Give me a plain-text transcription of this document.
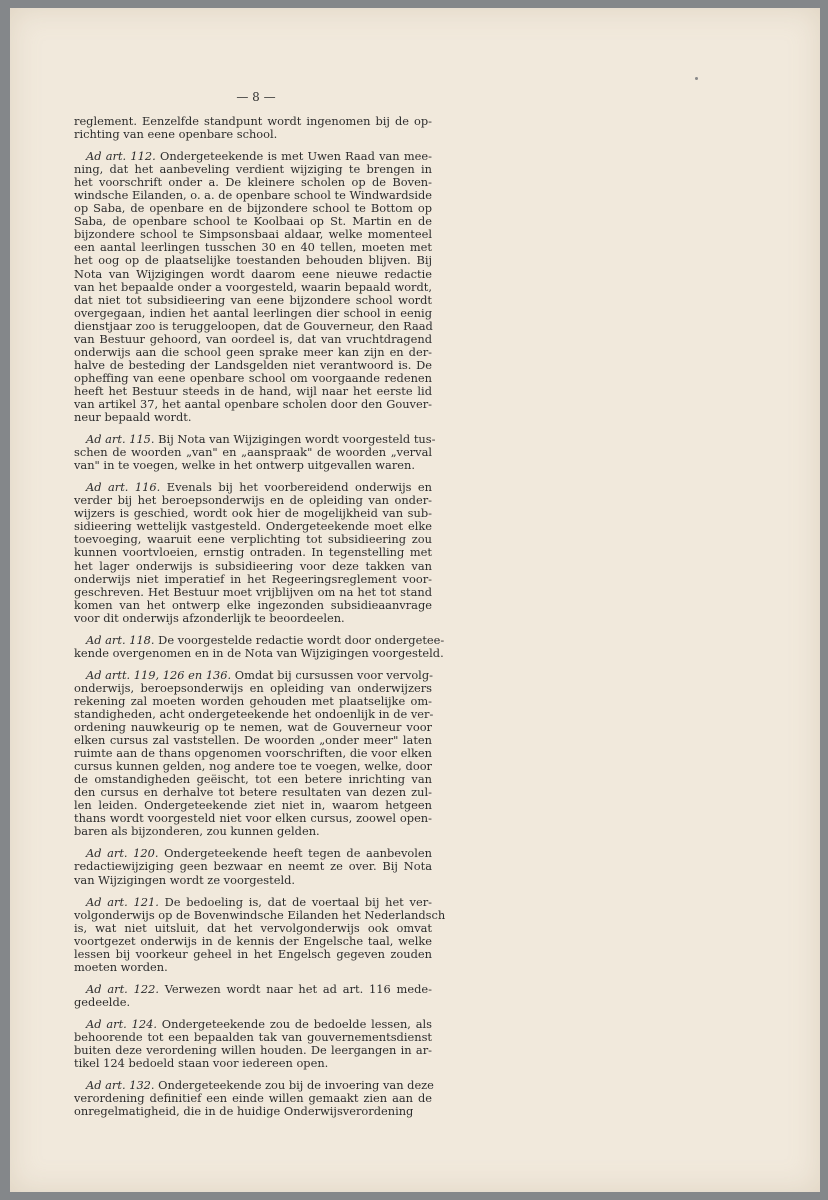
— 8 —
reglement. Eenzelfde standpunt wordt ingenomen bij de op-
richting van eene openbare school.
Ad art. 112. Ondergeteekende is met Uwen Raad van mee-
ning, dat het aanbeveling verdient wijziging te brengen in
het voorschrift onder a. De kleinere scholen op de Boven-
windsche Eilanden, o. a. de openbare school te Windwardside
op Saba, de openbare en de bijzondere school te Bottom op
Saba, de openbare school te Koolbaai op St. Martin en de
bijzondere school te Simpsonsbaai aldaar, welke momenteel
een aantal leerlingen tusschen 30 en 40 tellen, moeten met
het oog op de plaatselijke toestanden behouden blijven. Bij
Nota van Wijzigingen wordt daarom eene nieuwe redactie
van het bepaalde onder a voorgesteld, waarin bepaald wordt,
dat niet tot subsidieering van eene bijzondere school wordt
overgegaan, indien het aantal leerlingen dier school in eenig
dienstjaar zoo is teruggeloopen, dat de Gouverneur, den Raad
van Bestuur gehoord, van oordeel is, dat van vruchtdragend
onderwijs aan die school geen sprake meer kan zijn en der-
halve de besteding der Landsgelden niet verantwoord is. De
opheffing van eene openbare school om voorgaande redenen
heeft het Bestuur steeds in de hand, wijl naar het eerste lid
van artikel 37, het aantal openbare scholen door den Gouver-
neur bepaald wordt.
Ad art. 115. Bij Nota van Wijzigingen wordt voorgesteld tus-
schen de woorden „van" en „aanspraak" de woorden „verval
van" in te voegen, welke in het ontwerp uitgevallen waren.
Ad art. 116. Evenals bij het voorbereidend onderwijs en
verder bij het beroepsonderwijs en de opleiding van onder-
wijzers is geschied, wordt ook hier de mogelijkheid van sub-
sidieering wettelijk vastgesteld. Ondergeteekende moet elke
toevoeging, waaruit eene verplichting tot subsidieering zou
kunnen voortvloeien, ernstig ontraden. In tegenstelling met
het lager onderwijs is subsidieering voor deze takken van
onderwijs niet imperatief in het Regeeringsreglement voor-
geschreven. Het Bestuur moet vrijblijven om na het tot stand
komen van het ontwerp elke ingezonden subsidieaanvrage
voor dit onderwijs afzonderlijk te beoordeelen.
Ad art. 118. De voorgestelde redactie wordt door ondergetee-
kende overgenomen en in de Nota van Wijzigingen voorgesteld.
Ad artt. 119, 126 en 136. Omdat bij cursussen voor vervolg-
onderwijs, beroepsonderwijs en opleiding van onderwijzers
rekening zal moeten worden gehouden met plaatselijke om-
standigheden, acht ondergeteekende het ondoenlijk in de ver-
ordening nauwkeurig op te nemen, wat de Gouverneur voor
elken cursus zal vaststellen. De woorden „onder meer" laten
ruimte aan de thans opgenomen voorschriften, die voor elken
cursus kunnen gelden, nog andere toe te voegen, welke, door
de omstandigheden geëischt, tot een betere inrichting van
den cursus en derhalve tot betere resultaten van dezen zul-
len leiden. Ondergeteekende ziet niet in, waarom hetgeen
thans wordt voorgesteld niet voor elken cursus, zoowel open-
baren als bijzonderen, zou kunnen gelden.
Ad art. 120. Ondergeteekende heeft tegen de aanbevolen
redactiewijziging geen bezwaar en neemt ze over. Bij Nota
van Wijzigingen wordt ze voorgesteld.
Ad art. 121. De bedoeling is, dat de voertaal bij het ver-
volgonderwijs op de Bovenwindsche Eilanden het Nederlandsch
is, wat niet uitsluit, dat het vervolgonderwijs ook omvat
voortgezet onderwijs in de kennis der Engelsche taal, welke
lessen bij voorkeur geheel in het Engelsch gegeven zouden
moeten worden.
Ad art. 122. Verwezen wordt naar het ad art. 116 mede-
gedeelde.
Ad art. 124. Ondergeteekende zou de bedoelde lessen, als
behoorende tot een bepaalden tak van gouvernementsdienst
buiten deze verordening willen houden. De leergangen in ar-
tikel 124 bedoeld staan voor iedereen open.
Ad art. 132. Ondergeteekende zou bij de invoering van deze
verordening definitief een einde willen gemaakt zien aan de
onregelmatigheid, die in de huidige Onderwijsverordening
